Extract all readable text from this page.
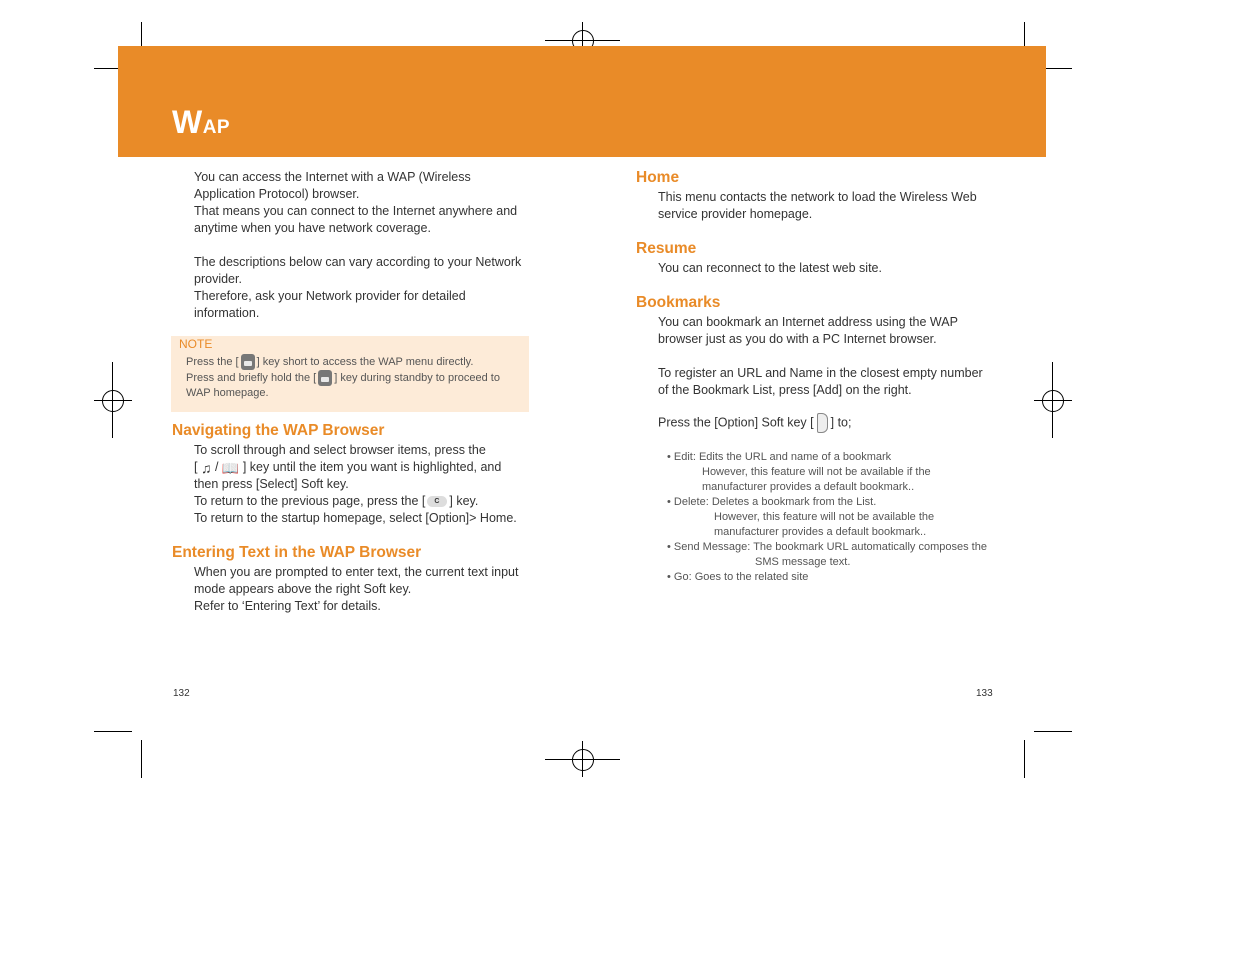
WAP

You can access the Internet with a WAP (Wireless

Application Protocol) browser.

That means you can connect to the Internet anywhere and

anytime when you have network coverage.

The descriptions below can vary according to your Network

provider.

Therefore, ask your Network provider for detailed

information.

NOTE

Press the [ ] key short to access the WAP menu directly.

Press and briefly hold the [ ] key during standby to proceed to

WAP homepage.

Navigating the WAP Browser

To scroll through and select browser items, press the

[ ♫ / 📖 ] key until the item you want is highlighted, and

then press [Select] Soft key.

To return to the previous page, press the [C ] key.

To return to the startup homepage, select [Option]> Home.

Entering Text in the WAP Browser

When you are prompted to enter text, the current text input

mode appears above the right Soft key.

Refer to ‘Entering Text’ for details.

132
Home

This menu contacts the network to load the Wireless Web

service provider homepage.

Resume

You can reconnect to the latest web site.

Bookmarks

You can bookmark an Internet address using the WAP

browser just as you do with a PC Internet browser.

To register an URL and Name in the closest empty number

of the Bookmark List, press [Add] on the right.

Press the [Option] Soft key [ ] to;

• Edit: Edits the URL and name of a bookmark

However, this feature will not be available if the

manufacturer provides a default bookmark..

• Delete: Deletes a bookmark from the List.

However, this feature will not be available the

manufacturer provides a default bookmark..

• Send Message: The bookmark URL automatically composes the

SMS message text.

• Go: Goes to the related site

133
